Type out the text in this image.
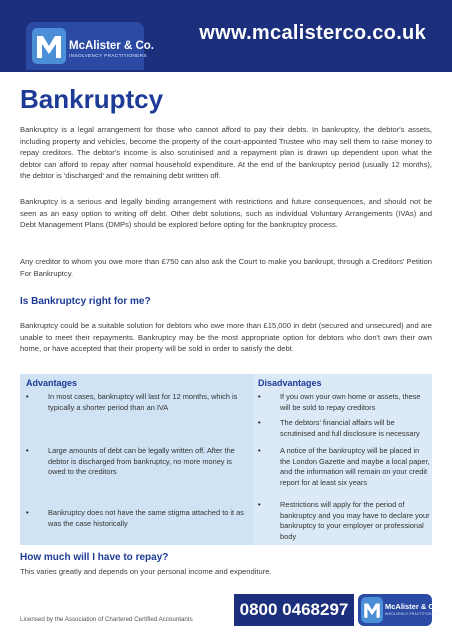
McAlister & Co.
INSOLVENCY PRACTITIONERS
www.mcalisterco.co.uk
Bankruptcy

Bankruptcy is a legal arrangement for those who cannot afford to pay their debts. In bankruptcy, the debtor's assets, including property and vehicles, become the property of the court-appointed Trustee who may sell them to raise money to repay creditors. The debtor's income is also scrutinised and a repayment plan is drawn up dependent upon what the debtor can afford to repay after normal household expenditure. At the end of the bankruptcy period (usually 12 months), the debtor is 'discharged' and the remaining debt written off.

Bankruptcy is a serious and legally binding arrangement with restrictions and future consequences, and should not be seen as an easy option to writing off debt. Other debt solutions, such as individual Voluntary Arrangements (IVAs) and Debt Management Plans (DMPs) should be explored before opting for the bankruptcy process.

Any creditor to whom you owe more than £750 can also ask the Court to make you bankrupt, through a Creditors' Petition For Bankruptcy.

Is Bankruptcy right for me?

Bankruptcy could be a suitable solution for debtors who owe more than £15,000 in debt (secured and unsecured) and are unable to meet their repayments. Bankruptcy may be the most appropriate option for debtors who don't own their own home, or have accepted that their property will be sold in order to satisfy the debt.

Advantages
•	In most cases, bankruptcy will last for 12 months, which is typically a shorter period than an IVA
•	Large amounts of debt can be legally written off. After the debtor is discharged from bankruptcy, no more money is owed to the creditors
•	Bankruptcy does not have the same stigma attached to it as was the case historically
Disadvantages
•	If you own your own home or assets, these will be sold to repay creditors
•	The debtors' financial affairs will be scrutinised and full disclosure is necessary
•	A notice of the bankruptcy will be placed in the London Gazette and maybe a local paper, and the information will remain on your credit report for at least six years
•	Restrictions will apply for the period of bankruptcy and you may have to declare your bankruptcy to your employer or professional body
How much will I have to repay?

This varies greatly and depends on your personal income and expenditure.

Licensed by the Association of Chartered Certified Accountants
0800 0468297	McAlister & Co.
INSOLVENCY PRACTITIONERS
